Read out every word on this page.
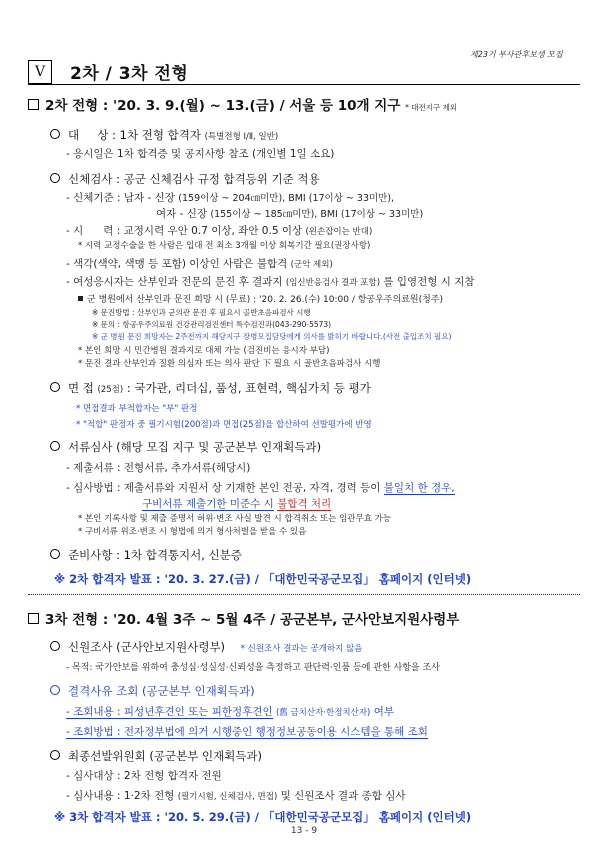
제23기 부사관후보생 모집
Ⅴ	2차 / 3차 전형
2차 전형 : '20. 3. 9.(월) ~ 13.(금) / 서울 등 10개 지구 * 대전지구 제외
대     상 : 1차 전형 합격자 (특별전형 Ⅰ/Ⅱ, 일반)
- 응시일은 1차 합격증 및 공지사항 참조 (개인별 1일 소요)
신체검사 : 공군 신체검사 규정 합격등위 기준 적용
- 신체기준 : 남자 - 신장 (159이상 ~ 204㎝미만), BMI (17이상 ~ 33미만),
여자 - 신장 (155이상 ~ 185㎝미만), BMI (17이상 ~ 33미만)
- 시      력 : 교정시력 우안 0.7 이상, 좌안 0.5 이상 (왼손잡이는 반대)
* 시력 교정수술을 한 사람은 입대 전 최소 3개월 이상 회복기간 필요(권장사항)
- 색각(색약, 색맹 등 포함) 이상인 사람은 불합격 (군악 제외)
- 여성응시자는 산부인과 전문의 문진 후 결과지 (임신반응검사 결과 포함) 를 입영전형 시 지참
군 병원에서 산부인과 문진 희망 시 (무료) : '20. 2. 26.(수) 10:00 / 항공우주의료원(청주)
※ 문진방법 : 산부인과 군의관 문진 후 필요시 골반초음파검사 시행
※ 문의 : 항공우주의료원 건강관리검진센터 특수검진과(043-290-5573)
※ 군 병원 문진 희망자는 2주전까지 해당지구 장병모집담당에게 의사를 밝히기 바랍니다.(사전 출입조치 필요)
* 본인 희망 시 민간병원 결과지로 대체 가능 (검진비는 응시자 부담)
* 문진 결과 산부인과 질환 의심자 또는 의사 판단 下 필요 시 골반초음파검사 시행
면 접 (25점) : 국가관, 리더십, 품성, 표현력, 핵심가치 등 평가
* 면접결과 부적합자는 "부" 판정
* "적합" 판정자 중 필기시험(200점)과 면접(25점)을 합산하여 선발평가에 반영
서류심사 (해당 모집 지구 및 공군본부 인재획득과)
- 제출서류 : 전형서류, 추가서류(해당시)
- 심사방법 : 제출서류와 지원서 상 기재한 본인 전공, 자격, 경력 등이 불일치 한 경우,
구비서류 제출기한 미준수 시 불합격 처리
* 본인 기록사항 및 제출 증명서 허위·변조 사실 발견 시 합격취소 또는 임관무효 가능
* 구비서류 위조·변조 시 형법에 의거 형사처벌을 받을 수 있음
준비사항 : 1차 합격통지서, 신분증
※ 2차 합격자 발표 : '20. 3. 27.(금) / 「대한민국공군모집」 홈페이지 (인터넷)
3차 전형 : '20. 4월 3주 ~ 5월 4주 / 공군본부, 군사안보지원사령부
신원조사 (군사안보지원사령부) * 신원조사 결과는 공개하지 않음
- 목적: 국가안보를 위하여 충성심·성실성·신뢰성을 측정하고 판단력·인품 등에 관한 사항을 조사
결격사유 조회 (공군본부 인재획득과)
- 조회내용 : 피성년후견인 또는 피한정후견인 (舊 금치산자·한정치산자) 여부
- 조회방법 : 전자정부법에 의거 시행중인 행정정보공동이용 시스템을 통해 조회
최종선발위원회 (공군본부 인재획득과)
- 심사대상 : 2차 전형 합격자 전원
- 심사내용 : 1·2차 전형 (필기시험, 신체검사, 면접) 및 신원조사 결과 종합 심사
※ 3차 합격자 발표 : '20. 5. 29.(금) / 「대한민국공군모집」 홈페이지 (인터넷)
13 - 9
